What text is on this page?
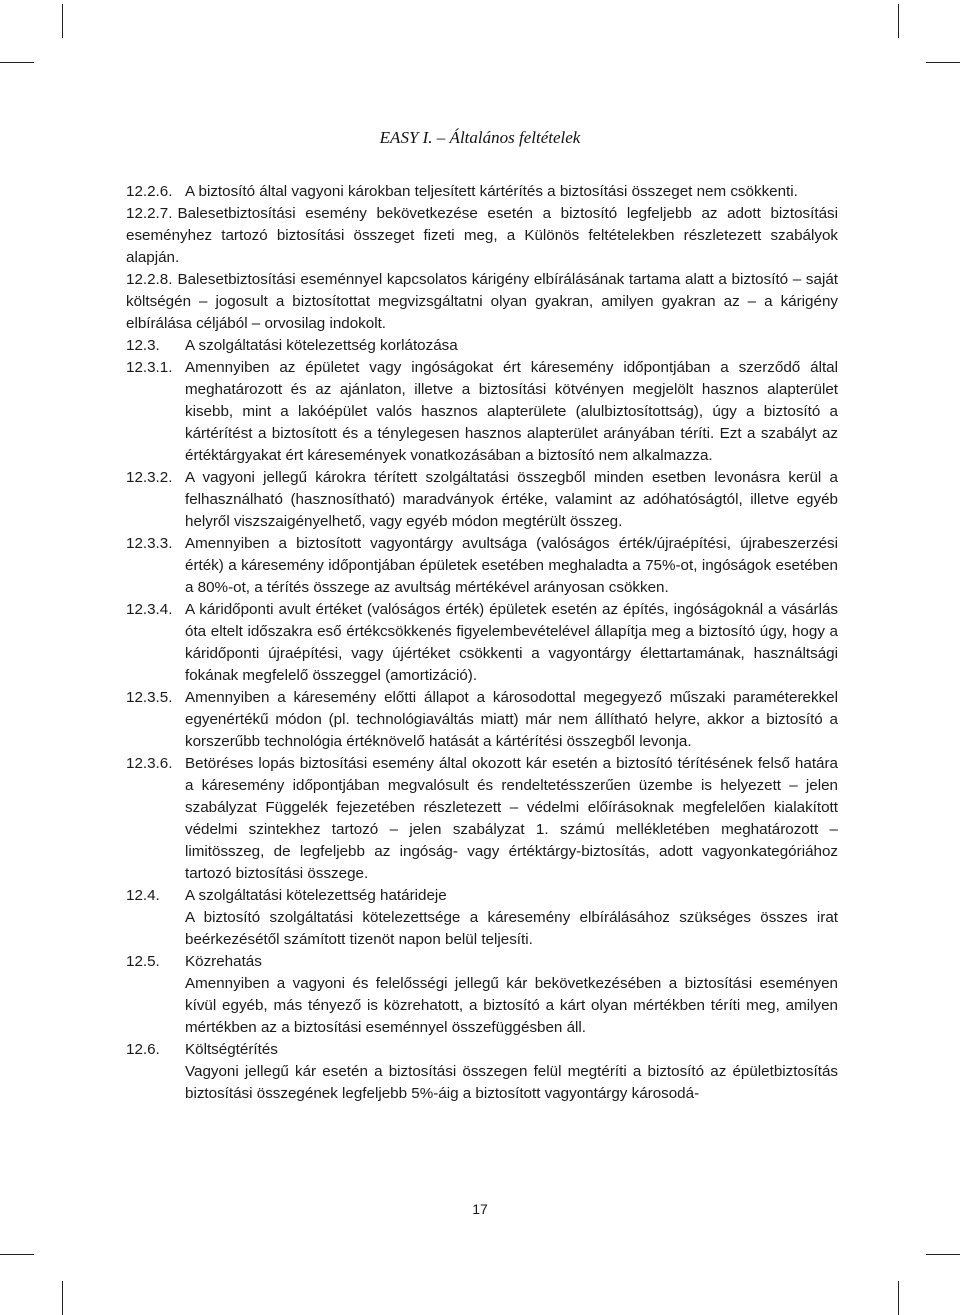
EASY I. – Általános feltételek
12.2.6. A biztosító által vagyoni károkban teljesített kártérítés a biztosítási összeget nem csökkenti.
12.2.7. Balesetbiztosítási esemény bekövetkezése esetén a biztosító legfeljebb az adott biztosítási eseményhez tartozó biztosítási összeget fizeti meg, a Különös feltételekben részletezett szabályok alapján.
12.2.8. Balesetbiztosítási eseménnyel kapcsolatos kárigény elbírálásának tartama alatt a biztosító – saját költségén – jogosult a biztosítottat megvizsgáltatni olyan gyakran, amilyen gyakran az – a kárigény elbírálása céljából – orvosilag indokolt.
12.3.	A szolgáltatási kötelezettség korlátozása
12.3.1. Amennyiben az épületet vagy ingóságokat ért káresemény időpontjában a szerződő által meghatározott és az ajánlaton, illetve a biztosítási kötvényen megjelölt hasznos alapterület kisebb, mint a lakóépület valós hasznos alapterülete (alulbiztosítottság), úgy a biztosító a kártérítést a biztosított és a ténylegesen hasznos alapterület arányában téríti. Ezt a szabályt az értéktárgyakat ért káresemények vonatkozásában a biztosító nem alkalmazza.
12.3.2. A vagyoni jellegű károkra térített szolgáltatási összegből minden esetben levonásra kerül a felhasználható (hasznosítható) maradványok értéke, valamint az adóhatóságtól, illetve egyéb helyről viszszaigényelhető, vagy egyéb módon megtérült összeg.
12.3.3. Amennyiben a biztosított vagyontárgy avultsága (valóságos érték/újraépítési, újrabeszerzési érték) a káresemény időpontjában épületek esetében meghaladta a 75%-ot, ingóságok esetében a 80%-ot, a térítés összege az avultság mértékével arányosan csökken.
12.3.4. A káridőponti avult értéket (valóságos érték) épületek esetén az építés, ingóságoknál a vásárlás óta eltelt időszakra eső értékcsökkenés figyelembevételével állapítja meg a biztosító úgy, hogy a káridőponti újraépítési, vagy újértéket csökkenti a vagyontárgy élettartamának, használtsági fokának megfelelő összeggel (amortizáció).
12.3.5. Amennyiben a káresemény előtti állapot a károsodottal megegyező műszaki paraméterekkel egyenértékű módon (pl. technológiaváltás miatt) már nem állítható helyre, akkor a biztosító a korszerűbb technológia értéknövelő hatását a kártérítési összegből levonja.
12.3.6. Betöréses lopás biztosítási esemény által okozott kár esetén a biztosító térítésének felső határa a káresemény időpontjában megvalósult és rendeltetésszerűen üzembe is helyezett – jelen szabályzat Függelék fejezetében részletezett – védelmi előírásoknak megfelelően kialakított védelmi szintekhez tartozó – jelen szabályzat 1. számú mellékletében meghatározott – limitösszeg, de legfeljebb az ingóság- vagy értéktárgy-biztosítás, adott vagyonkategóriához tartozó biztosítási összege.
12.4.	A szolgáltatási kötelezettség határideje
A biztosító szolgáltatási kötelezettsége a káresemény elbírálásához szükséges összes irat beérkezésétől számított tizenöt napon belül teljesíti.
12.5.	Közrehatás
Amennyiben a vagyoni és felelősségi jellegű kár bekövetkezésében a biztosítási eseményen kívül egyéb, más tényező is közrehatott, a biztosító a kárt olyan mértékben téríti meg, amilyen mértékben az a biztosítási eseménnyel összefüggésben áll.
12.6.	Költségtérítés
Vagyoni jellegű kár esetén a biztosítási összegen felül megtéríti a biztosító az épületbiztosítás biztosítási összegének legfeljebb 5%-áig a biztosított vagyontárgy károsodá-
17
